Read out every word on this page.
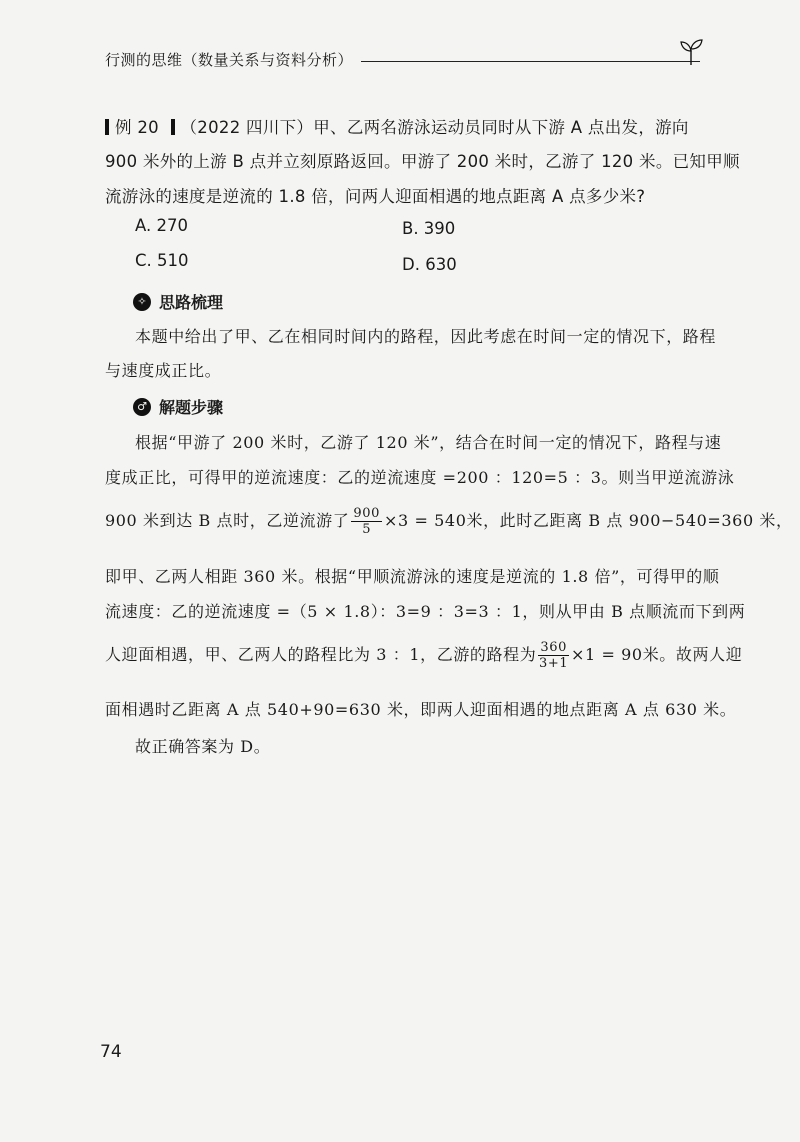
行测的思维（数量关系与资料分析）
例 20 （2022 四川下）甲、乙两名游泳运动员同时从下游 A 点出发，游向
900 米外的上游 B 点并立刻原路返回。甲游了 200 米时，乙游了 120 米。已知甲顺
流游泳的速度是逆流的 1.8 倍，问两人迎面相遇的地点距离 A 点多少米?
A. 270	B. 390
C. 510	D. 630
✧ 思路梳理
本题中给出了甲、乙在相同时间内的路程，因此考虑在时间一定的情况下，路程
与速度成正比。
♂ 解题步骤
根据“甲游了 200 米时，乙游了 120 米”，结合在时间一定的情况下，路程与速
度成正比，可得甲的逆流速度：乙的逆流速度 =200 ：120=5 ：3。则当甲逆流游泳
900 米到达 B 点时，乙逆流游了 $\frac{900}{5} \times 3 = 540$米，此时乙距离 B 点 900−540=360 米，
即甲、乙两人相距 360 米。根据“甲顺流游泳的速度是逆流的 1.8 倍”，可得甲的顺
流速度：乙的逆流速度 =（5 × 1.8）：3=9 ：3=3 ：1，则从甲由 B 点顺流而下到两
人迎面相遇，甲、乙两人的路程比为 3 ：1，乙游的路程为 $\frac{360}{3+1} \times 1 = 90$米。故两人迎
面相遇时乙距离 A 点 540+90=630 米，即两人迎面相遇的地点距离 A 点 630 米。
故正确答案为 D。
74
